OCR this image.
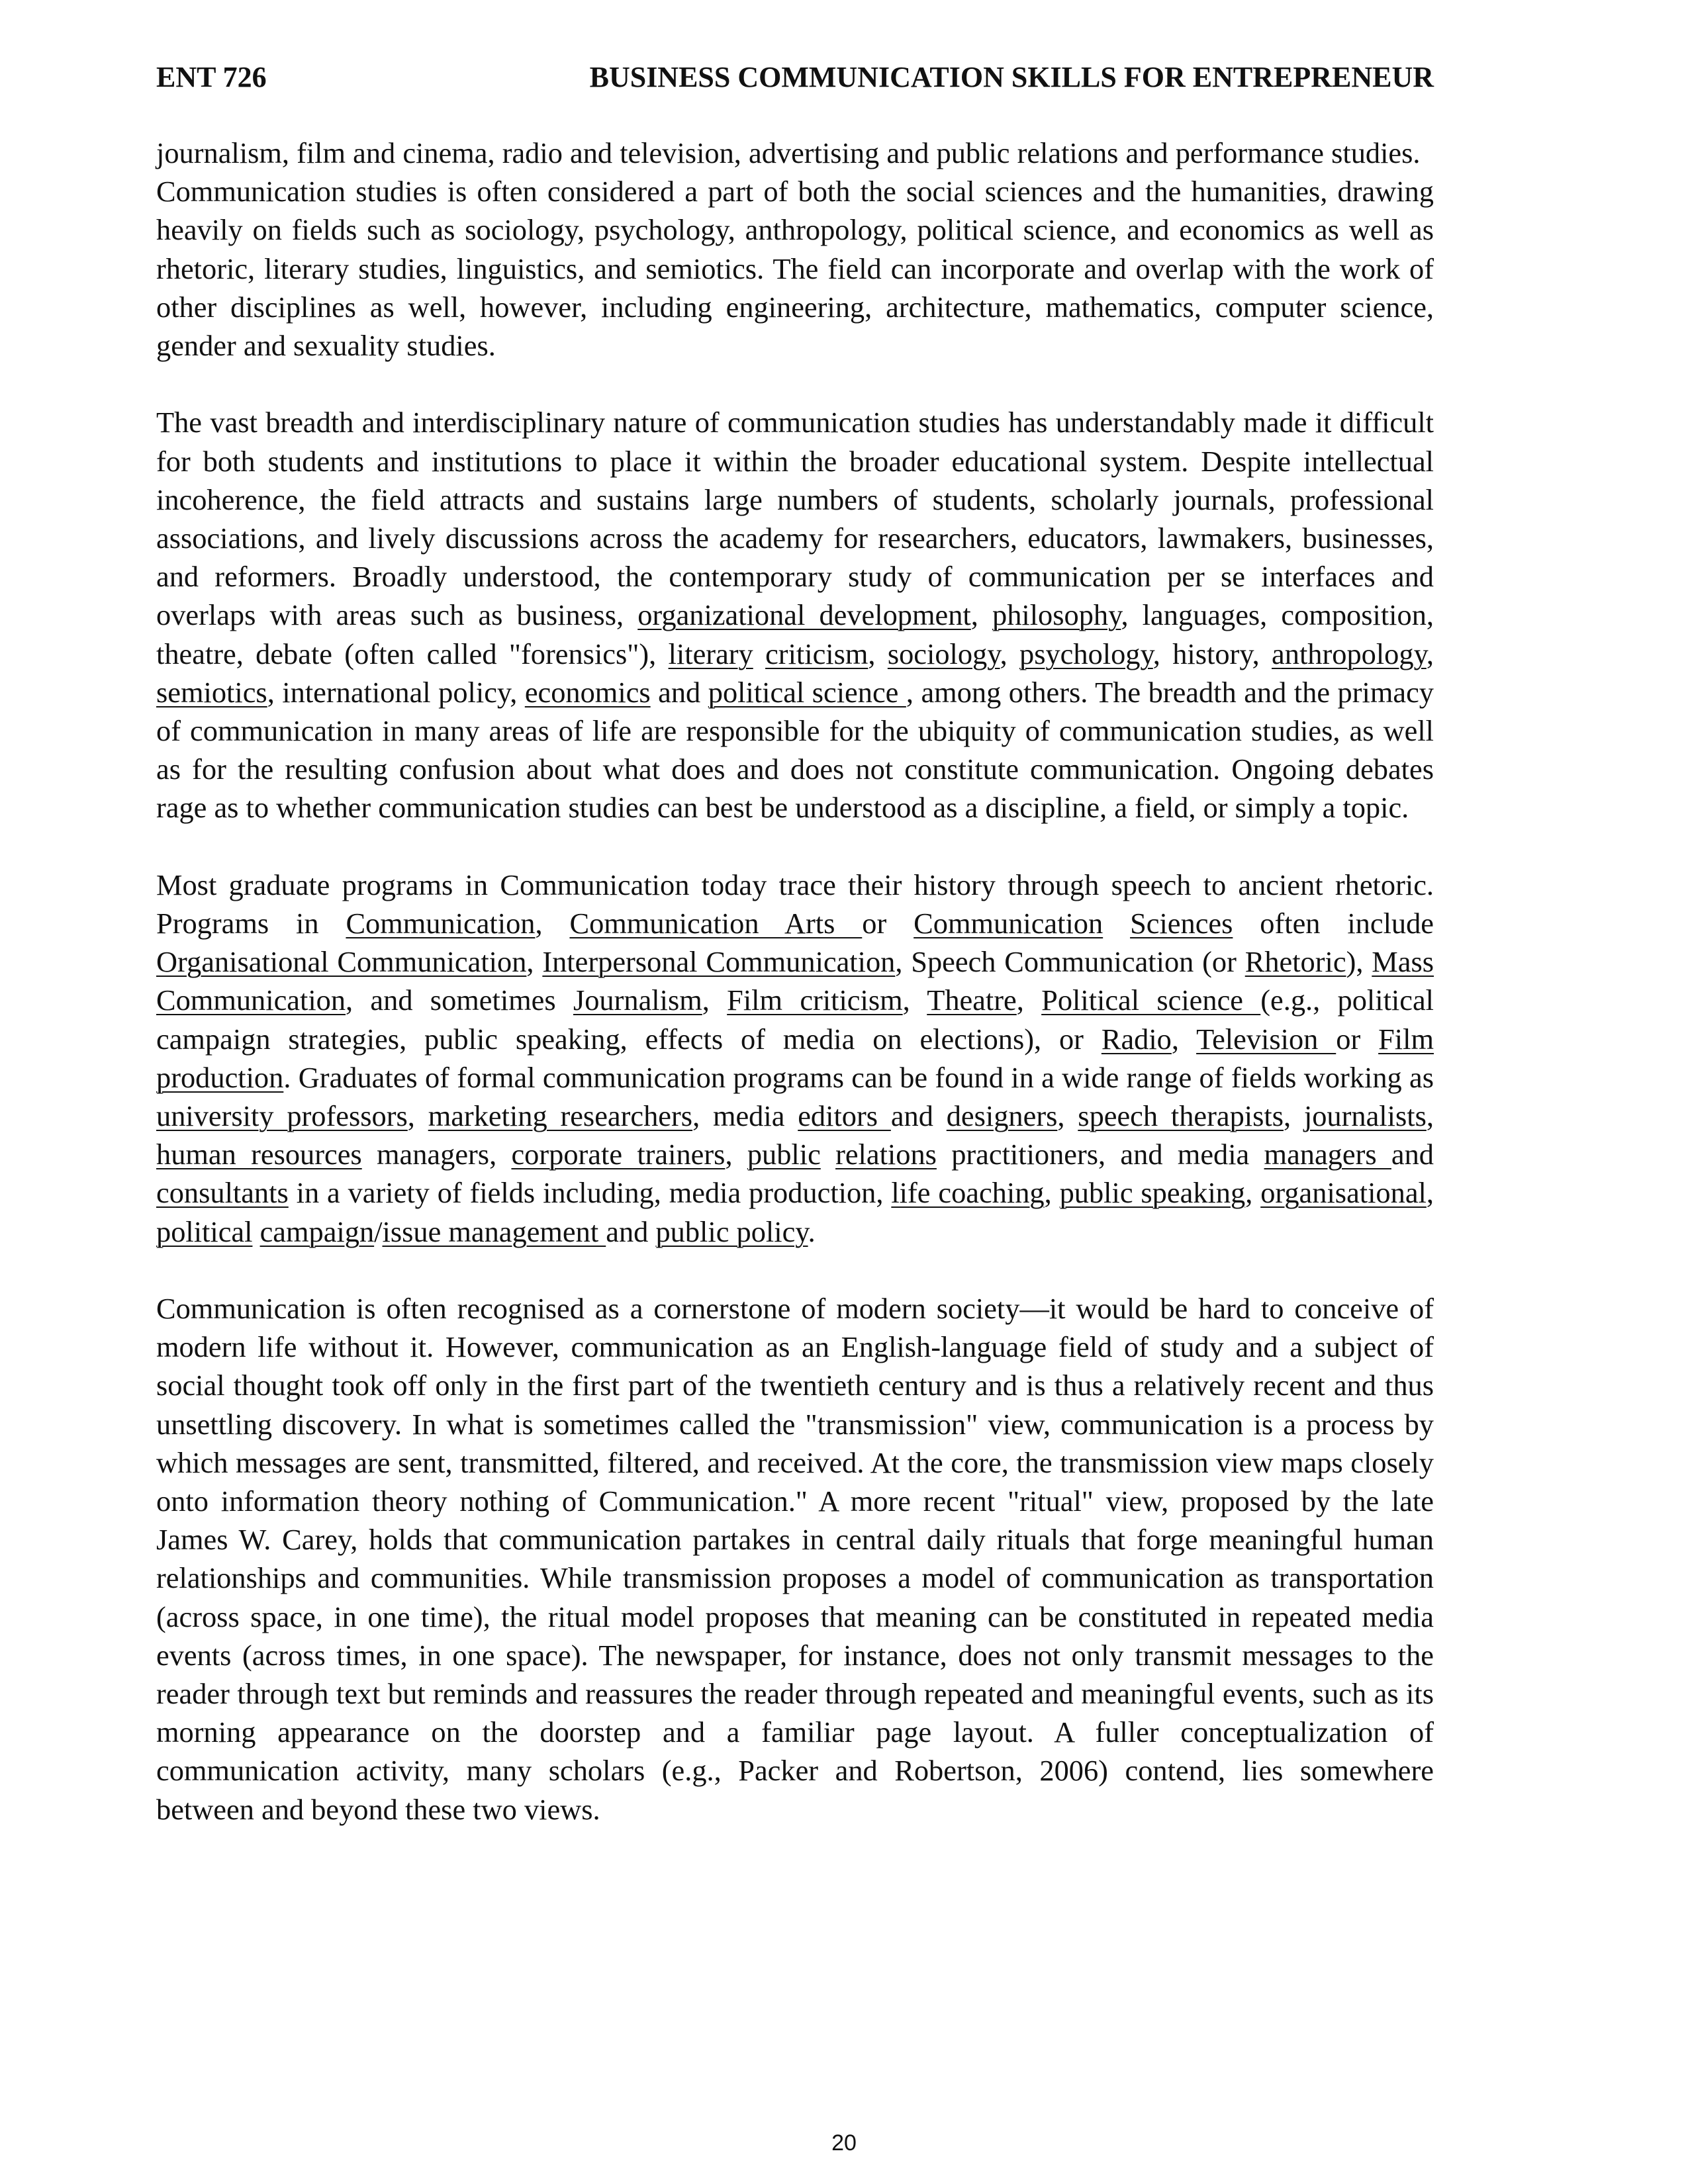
ENT 726	BUSINESS COMMUNICATION SKILLS FOR ENTREPRENEUR

journalism, film and cinema, radio and television, advertising and public relations and performance studies.

Communication studies is often considered a part of both the social sciences and the humanities, drawing heavily on fields such as sociology, psychology, anthropology, political science, and economics as well as rhetoric, literary studies, linguistics, and semiotics. The field can incorporate and overlap with the work of other disciplines as well, however, including engineering, architecture, mathematics, computer science, gender and sexuality studies.

The vast breadth and interdisciplinary nature of communication studies has understandably made it difficult for both students and institutions to place it within the broader educational system. Despite intellectual incoherence, the field attracts and sustains large numbers of students, scholarly journals, professional associations, and lively discussions across the academy for researchers, educators, lawmakers, businesses, and reformers. Broadly understood, the contemporary study of communication per se interfaces and overlaps with areas such as business, organizational development, philosophy, languages, composition, theatre, debate (often called "forensics"), literary criticism, sociology, psychology, history, anthropology, semiotics, international policy, economics and political science , among others. The breadth and the primacy of communication in many areas of life are responsible for the ubiquity of communication studies, as well as for the resulting confusion about what does and does not constitute communication. Ongoing debates rage as to whether communication studies can best be understood as a discipline, a field, or simply a topic.

Most graduate programs in Communication today trace their history through speech to ancient rhetoric. Programs in Communication, Communication Arts or Communication Sciences often include Organisational Communication, Interpersonal Communication, Speech Communication (or Rhetoric), Mass Communication, and sometimes Journalism, Film criticism, Theatre, Political science (e.g., political campaign strategies, public speaking, effects of media on elections), or Radio, Television or Film production. Graduates of formal communication programs can be found in a wide range of fields working as university professors, marketing researchers, media editors and designers, speech therapists, journalists, human resources managers, corporate trainers, public relations practitioners, and media managers and consultants in a variety of fields including, media production, life coaching, public speaking, organisational, political campaign/issue management and public policy.

Communication is often recognised as a cornerstone of modern society—it would be hard to conceive of modern life without it. However, communication as an English-language field of study and a subject of social thought took off only in the first part of the twentieth century and is thus a relatively recent and thus unsettling discovery. In what is sometimes called the "transmission" view, communication is a process by which messages are sent, transmitted, filtered, and received. At the core, the transmission view maps closely onto information theory nothing of Communication." A more recent "ritual" view, proposed by the late James W. Carey, holds that communication partakes in central daily rituals that forge meaningful human relationships and communities. While transmission proposes a model of communication as transportation (across space, in one time), the ritual model proposes that meaning can be constituted in repeated media events (across times, in one space). The newspaper, for instance, does not only transmit messages to the reader through text but reminds and reassures the reader through repeated and meaningful events, such as its morning appearance on the doorstep and a familiar page layout. A fuller conceptualization of communication activity, many scholars (e.g., Packer and Robertson, 2006) contend, lies somewhere between and beyond these two views.

20
